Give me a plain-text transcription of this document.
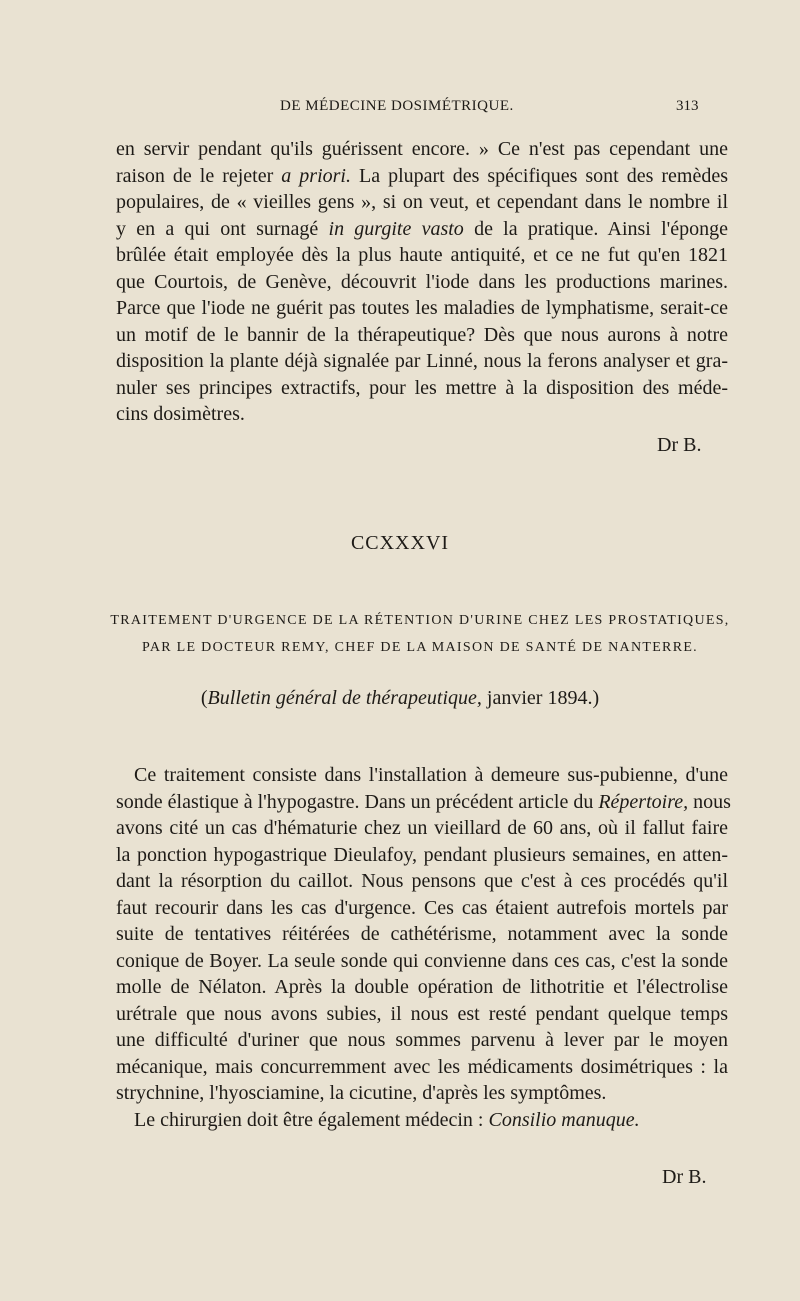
DE MÉDECINE DOSIMÉTRIQUE.	313
en servir pendant qu'ils guérissent encore. » Ce n'est pas cependant une
raison de le rejeter a priori. La plupart des spécifiques sont des remèdes
populaires, de « vieilles gens », si on veut, et cependant dans le nombre il
y en a qui ont surnagé in gurgite vasto de la pratique. Ainsi l'éponge
brûlée était employée dès la plus haute antiquité, et ce ne fut qu'en 1821
que Courtois, de Genève, découvrit l'iode dans les productions marines.
Parce que l'iode ne guérit pas toutes les maladies de lymphatisme, serait-ce
un motif de le bannir de la thérapeutique? Dès que nous aurons à notre
disposition la plante déjà signalée par Linné, nous la ferons analyser et gra-
nuler ses principes extractifs, pour les mettre à la disposition des méde-
cins dosimètres.
Dr B.
CCXXXVI
TRAITEMENT D'URGENCE DE LA RÉTENTION D'URINE CHEZ LES PROSTATIQUES,
PAR LE DOCTEUR REMY, CHEF DE LA MAISON DE SANTÉ DE NANTERRE.
(Bulletin général de thérapeutique, janvier 1894.)
Ce traitement consiste dans l'installation à demeure sus-pubienne, d'une
sonde élastique à l'hypogastre. Dans un précédent article du Répertoire, nous
avons cité un cas d'hématurie chez un vieillard de 60 ans, où il fallut faire
la ponction hypogastrique Dieulafoy, pendant plusieurs semaines, en atten-
dant la résorption du caillot. Nous pensons que c'est à ces procédés qu'il
faut recourir dans les cas d'urgence. Ces cas étaient autrefois mortels par
suite de tentatives réitérées de cathétérisme, notamment avec la sonde
conique de Boyer. La seule sonde qui convienne dans ces cas, c'est la sonde
molle de Nélaton. Après la double opération de lithotritie et l'électrolise
urétrale que nous avons subies, il nous est resté pendant quelque temps
une difficulté d'uriner que nous sommes parvenu à lever par le moyen
mécanique, mais concurremment avec les médicaments dosimétriques : la
strychnine, l'hyosciamine, la cicutine, d'après les symptômes.
Le chirurgien doit être également médecin : Consilio manuque.
Dr B.
